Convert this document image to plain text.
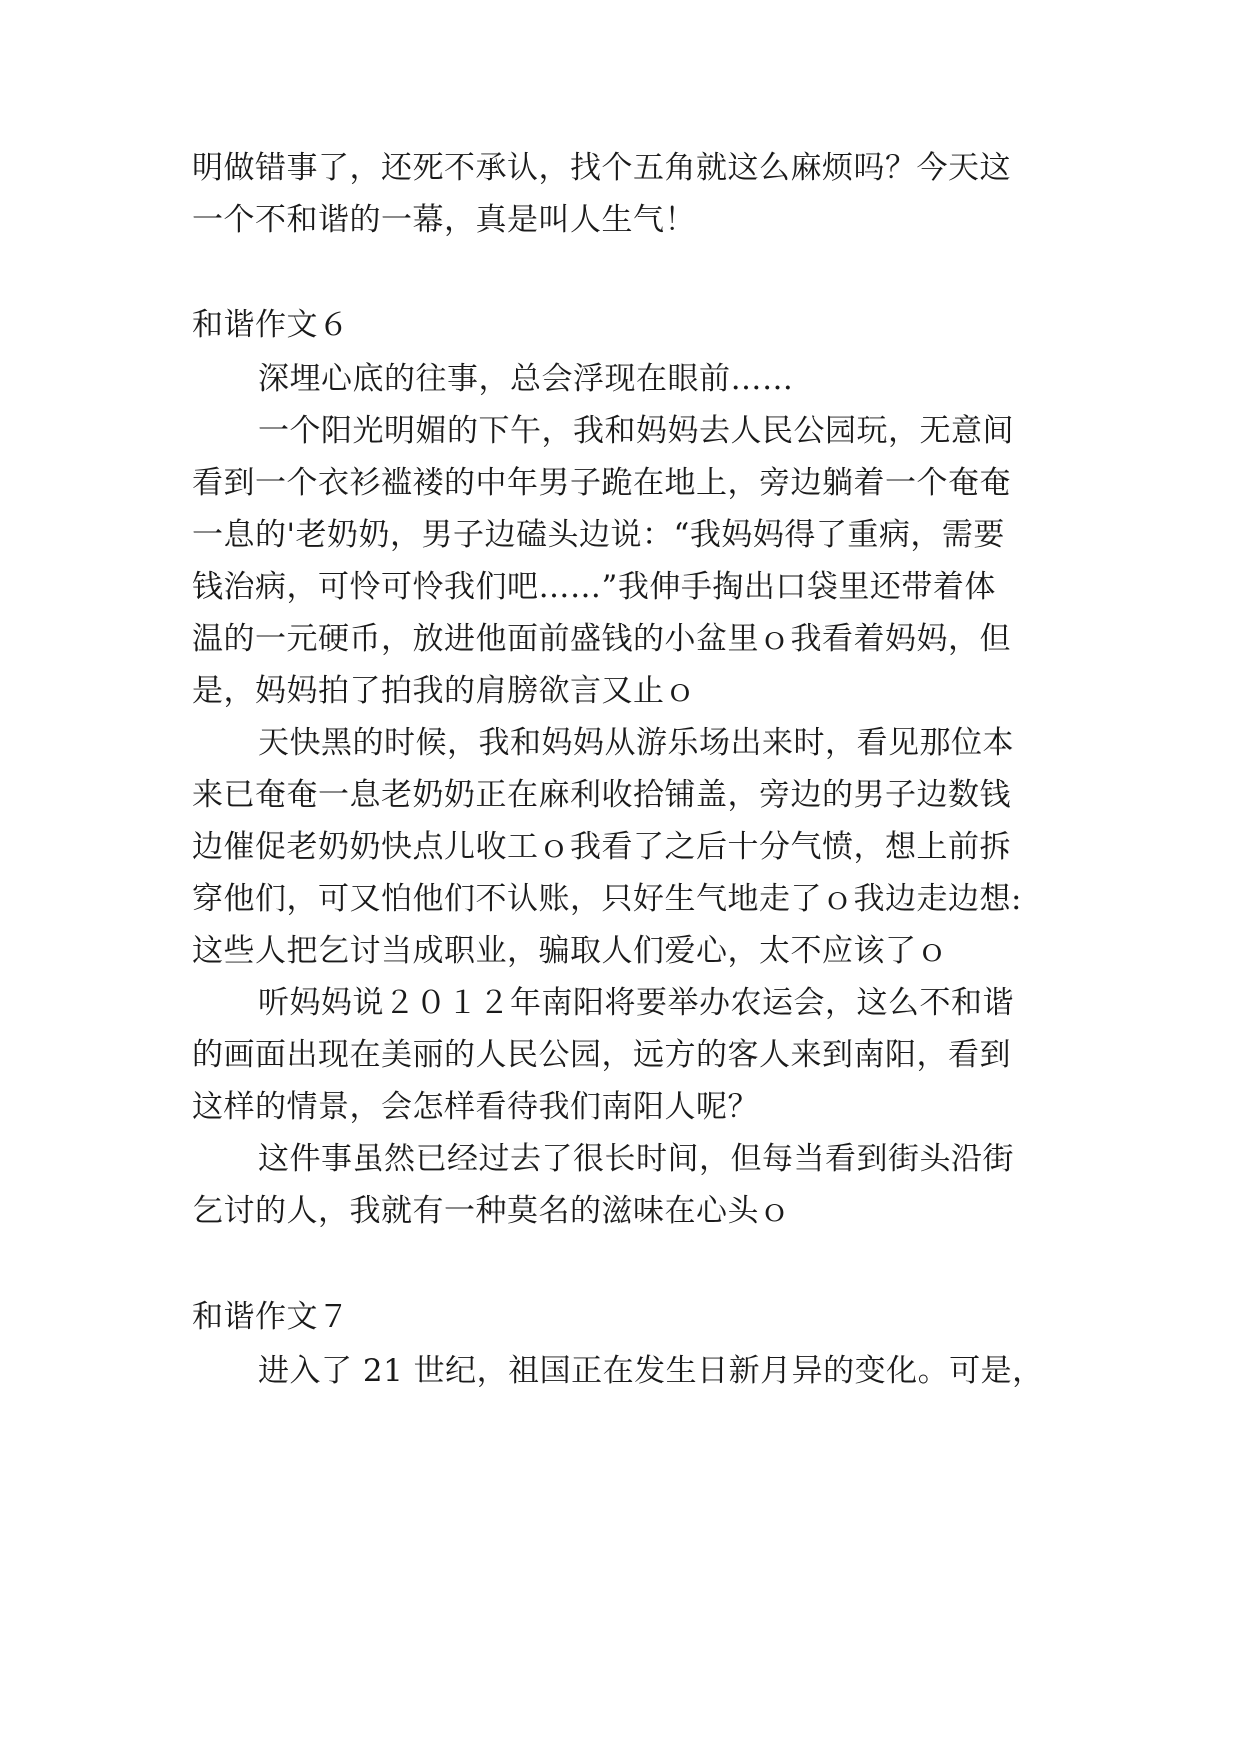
明做错事了，还死不承认，找个五角就这么麻烦吗？今天这
一个不和谐的一幕，真是叫人生气！
和谐作文６
深埋心底的往事，总会浮现在眼前……
一个阳光明媚的下午，我和妈妈去人民公园玩，无意间
看到一个衣衫褴褛的中年男子跪在地上，旁边躺着一个奄奄
一息的'老奶奶，男子边磕头边说：“我妈妈得了重病，需要
钱治病，可怜可怜我们吧……”我伸手掏出口袋里还带着体
温的一元硬币，放进他面前盛钱的小盆里ｏ我看着妈妈，但
是，妈妈拍了拍我的肩膀欲言又止ｏ
天快黑的时候，我和妈妈从游乐场出来时，看见那位本
来已奄奄一息老奶奶正在麻利收拾铺盖，旁边的男子边数钱
边催促老奶奶快点儿收工ｏ我看了之后十分气愤，想上前拆
穿他们，可又怕他们不认账，只好生气地走了ｏ我边走边想:
这些人把乞讨当成职业，骗取人们爱心，太不应该了ｏ
听妈妈说２０１２年南阳将要举办农运会，这么不和谐
的画面出现在美丽的人民公园，远方的客人来到南阳，看到
这样的情景，会怎样看待我们南阳人呢？
这件事虽然已经过去了很长时间，但每当看到街头沿街
乞讨的人，我就有一种莫名的滋味在心头ｏ
和谐作文７
进入了 21 世纪，祖国正在发生日新月异的变化。可是，
